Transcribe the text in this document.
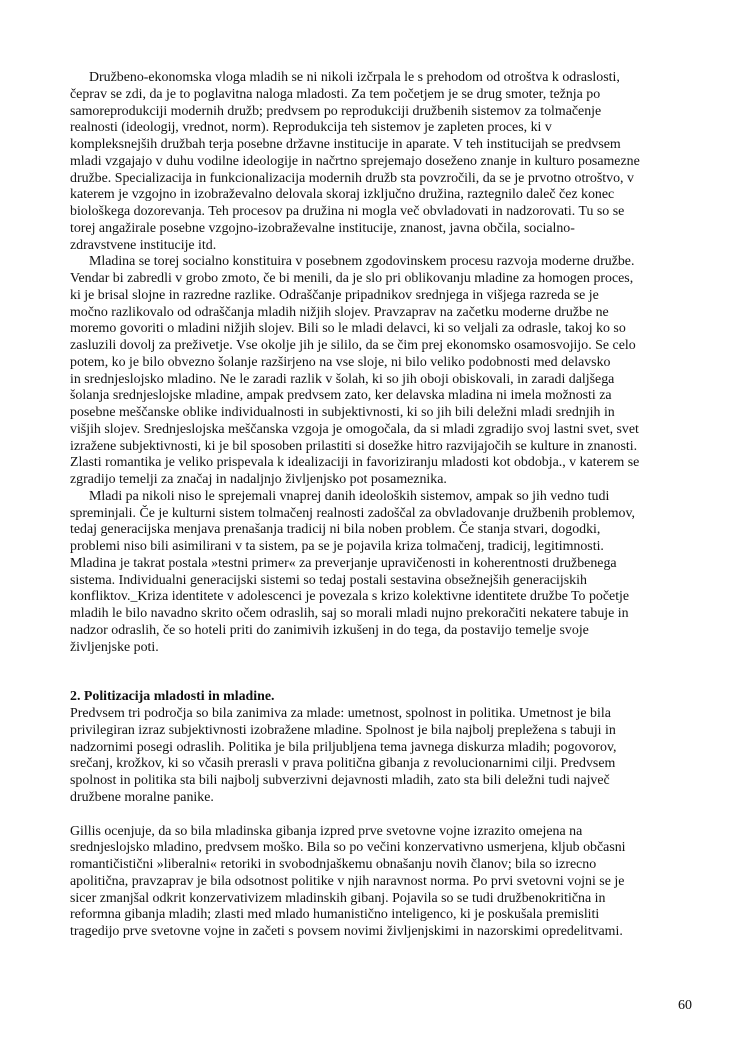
Družbeno-ekonomska vloga mladih se ni nikoli izčrpala le s prehodom od otroštva k odraslosti,
čeprav se zdi, da je to poglavitna naloga mladosti. Za tem početjem je se drug smoter, težnja po
samoreprodukciji modernih družb; predvsem po reprodukciji družbenih sistemov za tolmačenje
realnosti (ideologij, vrednot, norm). Reprodukcija teh sistemov je zapleten proces, ki v
kompleksnejših družbah terja posebne državne institucije in aparate. V teh institucijah se predvsem
mladi vzgajajo v duhu vodilne ideologije in načrtno sprejemajo doseženo znanje in kulturo posamezne
družbe. Specializacija in funkcionalizacija modernih družb sta povzročili, da se je prvotno otroštvo, v
katerem je vzgojno in izobraževalno delovala skoraj izključno družina, raztegnilo daleč čez konec
biološkega dozorevanja. Teh procesov pa družina ni mogla več obvladovati in nadzorovati. Tu so se
torej angažirale posebne vzgojno-izobraževalne institucije, znanost, javna občila, socialno-
zdravstvene institucije itd.
Mladina se torej socialno konstituira v posebnem zgodovinskem procesu razvoja moderne družbe.
Vendar bi zabredli v grobo zmoto, če bi menili, da je slo pri oblikovanju mladine za homogen proces,
ki je brisal slojne in razredne razlike. Odraščanje pripadnikov srednjega in višjega razreda se je
močno razlikovalo od odraščanja mladih nižjih slojev. Pravzaprav na začetku moderne družbe ne
moremo govoriti o mladini nižjih slojev. Bili so le mladi delavci, ki so veljali za odrasle, takoj ko so
zasluzili dovolj za preživetje. Vse okolje jih je sililo, da se čim prej ekonomsko osamosvojijo. Se celo
potem, ko je bilo obvezno šolanje razširjeno na vse sloje, ni bilo veliko podobnosti med delavsko
in srednjeslojsko mladino. Ne le zaradi razlik v šolah, ki so jih oboji obiskovali, in zaradi daljšega
šolanja srednjeslojske mladine, ampak predvsem zato, ker delavska mladina ni imela možnosti za
posebne meščanske oblike individualnosti in subjektivnosti, ki so jih bili deležni mladi srednjih in
višjih slojev. Srednjeslojska meščanska vzgoja je omogočala, da si mladi zgradijo svoj lastni svet, svet
izražene subjektivnosti, ki je bil sposoben prilastiti si dosežke hitro razvijajočih se kulture in znanosti.
Zlasti romantika je veliko prispevala k idealizaciji in favoriziranju mladosti kot obdobja., v katerem se
zgradijo temelji za značaj in nadaljnjo življenjsko pot posameznika.
Mladi pa nikoli niso le sprejemali vnaprej danih ideoloških sistemov, ampak so jih vedno tudi
spreminjali. Če je kulturni sistem tolmačenj realnosti zadoščal za obvladovanje družbenih problemov,
tedaj generacijska menjava prenašanja tradicij ni bila noben problem. Če stanja stvari, dogodki,
problemi niso bili asimilirani v ta sistem, pa se je pojavila kriza tolmačenj, tradicij, legitimnosti.
Mladina je takrat postala »testni primer« za preverjanje upravičenosti in koherentnosti družbenega
sistema. Individualni generacijski sistemi so tedaj postali sestavina obsežnejših generacijskih
konfliktov._Kriza identitete v adolescenci je povezala s krizo kolektivne identitete družbe To početje
mladih le bilo navadno skrito očem odraslih, saj so morali mladi nujno prekoračiti nekatere tabuje in
nadzor odraslih, če so hoteli priti do zanimivih izkušenj in do tega, da postavijo temelje svoje
življenjske poti.
2. Politizacija mladosti in mladine.
Predvsem tri področja so bila zanimiva za mlade: umetnost, spolnost in politika. Umetnost je bila
privilegiran izraz subjektivnosti izobražene mladine. Spolnost je bila najbolj prepležena s tabuji in
nadzornimi posegi odraslih. Politika je bila priljubljena tema javnega diskurza mladih; pogovorov,
srečanj, krožkov, ki so včasih prerasli v prava politična gibanja z revolucionarnimi cilji. Predvsem
spolnost in politika sta bili najbolj subverzivni dejavnosti mladih, zato sta bili deležni tudi največ
družbene moralne panike.
Gillis ocenjuje, da so bila mladinska gibanja izpred prve svetovne vojne izrazito omejena na
srednjeslojsko mladino, predvsem moško. Bila so po večini konzervativno usmerjena, kljub občasni
romantičistični »liberalni« retoriki in svobodnjaškemu obnašanju novih članov; bila so izrecno
apolitična, pravzaprav je bila odsotnost politike v njih naravnost norma. Po prvi svetovni vojni se je
sicer zmanjšal odkrit konzervativizem mladinskih gibanj. Pojavila so se tudi družbenokritična in
reformna gibanja mladih; zlasti med mlado humanistično inteligenco, ki je poskušala premisliti
tragedijo prve svetovne vojne in začeti s povsem novimi življenjskimi in nazorskimi opredelitvami.
60
